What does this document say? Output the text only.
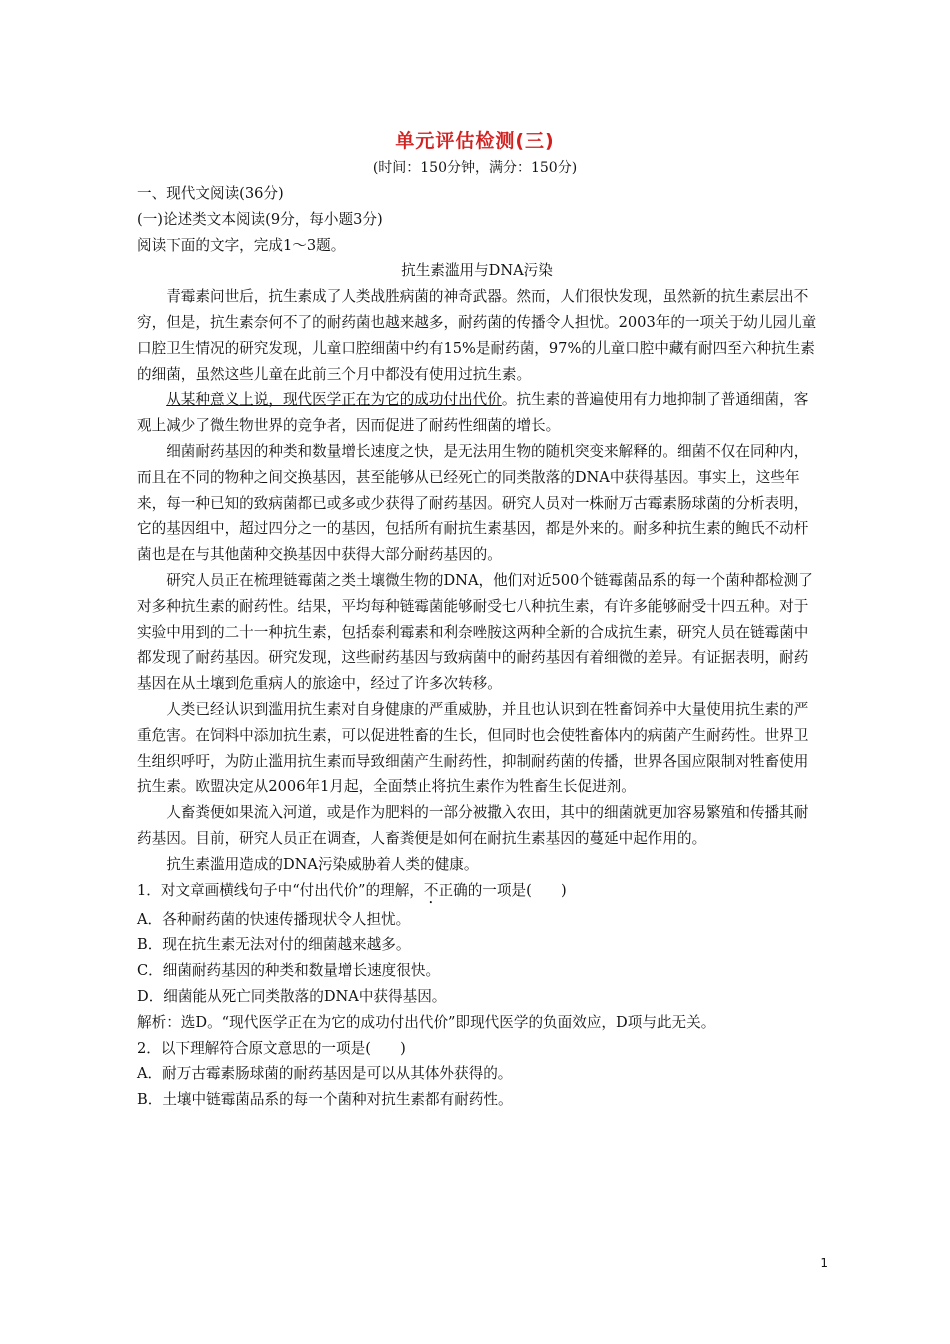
单元评估检测(三)
(时间：150分钟，满分：150分)

一、现代文阅读(36分)

(一)论述类文本阅读(9分，每小题3分)

阅读下面的文字，完成1～3题。

抗生素滥用与DNA污染

青霉素问世后，抗生素成了人类战胜病菌的神奇武器。然而，人们很快发现，虽然新的抗生素层出不穷，但是，抗生素奈何不了的耐药菌也越来越多，耐药菌的传播令人担忧。2003年的一项关于幼儿园儿童口腔卫生情况的研究发现，儿童口腔细菌中约有15%是耐药菌，97%的儿童口腔中藏有耐四至六种抗生素的细菌，虽然这些儿童在此前三个月中都没有使用过抗生素。

从某种意义上说，现代医学正在为它的成功付出代价。抗生素的普遍使用有力地抑制了普通细菌，客观上减少了微生物世界的竞争者，因而促进了耐药性细菌的增长。

细菌耐药基因的种类和数量增长速度之快，是无法用生物的随机突变来解释的。细菌不仅在同种内，而且在不同的物种之间交换基因，甚至能够从已经死亡的同类散落的DNA中获得基因。事实上，这些年来，每一种已知的致病菌都已或多或少获得了耐药基因。研究人员对一株耐万古霉素肠球菌的分析表明，它的基因组中，超过四分之一的基因，包括所有耐抗生素基因，都是外来的。耐多种抗生素的鲍氏不动杆菌也是在与其他菌种交换基因中获得大部分耐药基因的。

研究人员正在梳理链霉菌之类土壤微生物的DNA，他们对近500个链霉菌品系的每一个菌种都检测了对多种抗生素的耐药性。结果，平均每种链霉菌能够耐受七八种抗生素，有许多能够耐受十四五种。对于实验中用到的二十一种抗生素，包括泰利霉素和利奈唑胺这两种全新的合成抗生素，研究人员在链霉菌中都发现了耐药基因。研究发现，这些耐药基因与致病菌中的耐药基因有着细微的差异。有证据表明，耐药基因在从土壤到危重病人的旅途中，经过了许多次转移。

人类已经认识到滥用抗生素对自身健康的严重威胁，并且也认识到在牲畜饲养中大量使用抗生素的严重危害。在饲料中添加抗生素，可以促进牲畜的生长，但同时也会使牲畜体内的病菌产生耐药性。世界卫生组织呼吁，为防止滥用抗生素而导致细菌产生耐药性，抑制耐药菌的传播，世界各国应限制对牲畜使用抗生素。欧盟决定从2006年1月起，全面禁止将抗生素作为牲畜生长促进剂。

人畜粪便如果流入河道，或是作为肥料的一部分被撒入农田，其中的细菌就更加容易繁殖和传播其耐药基因。目前，研究人员正在调查，人畜粪便是如何在耐抗生素基因的蔓延中起作用的。

抗生素滥用造成的DNA污染威胁着人类的健康。

1．对文章画横线句子中“付出代价”的理解，不正确的一项是(　　)

A．各种耐药菌的快速传播现状令人担忧。

B．现在抗生素无法对付的细菌越来越多。

C．细菌耐药基因的种类和数量增长速度很快。

D．细菌能从死亡同类散落的DNA中获得基因。

解析：选D。“现代医学正在为它的成功付出代价”即现代医学的负面效应，D项与此无关。

2．以下理解符合原文意思的一项是(　　)

A．耐万古霉素肠球菌的耐药基因是可以从其体外获得的。

B．土壤中链霉菌品系的每一个菌种对抗生素都有耐药性。

1
